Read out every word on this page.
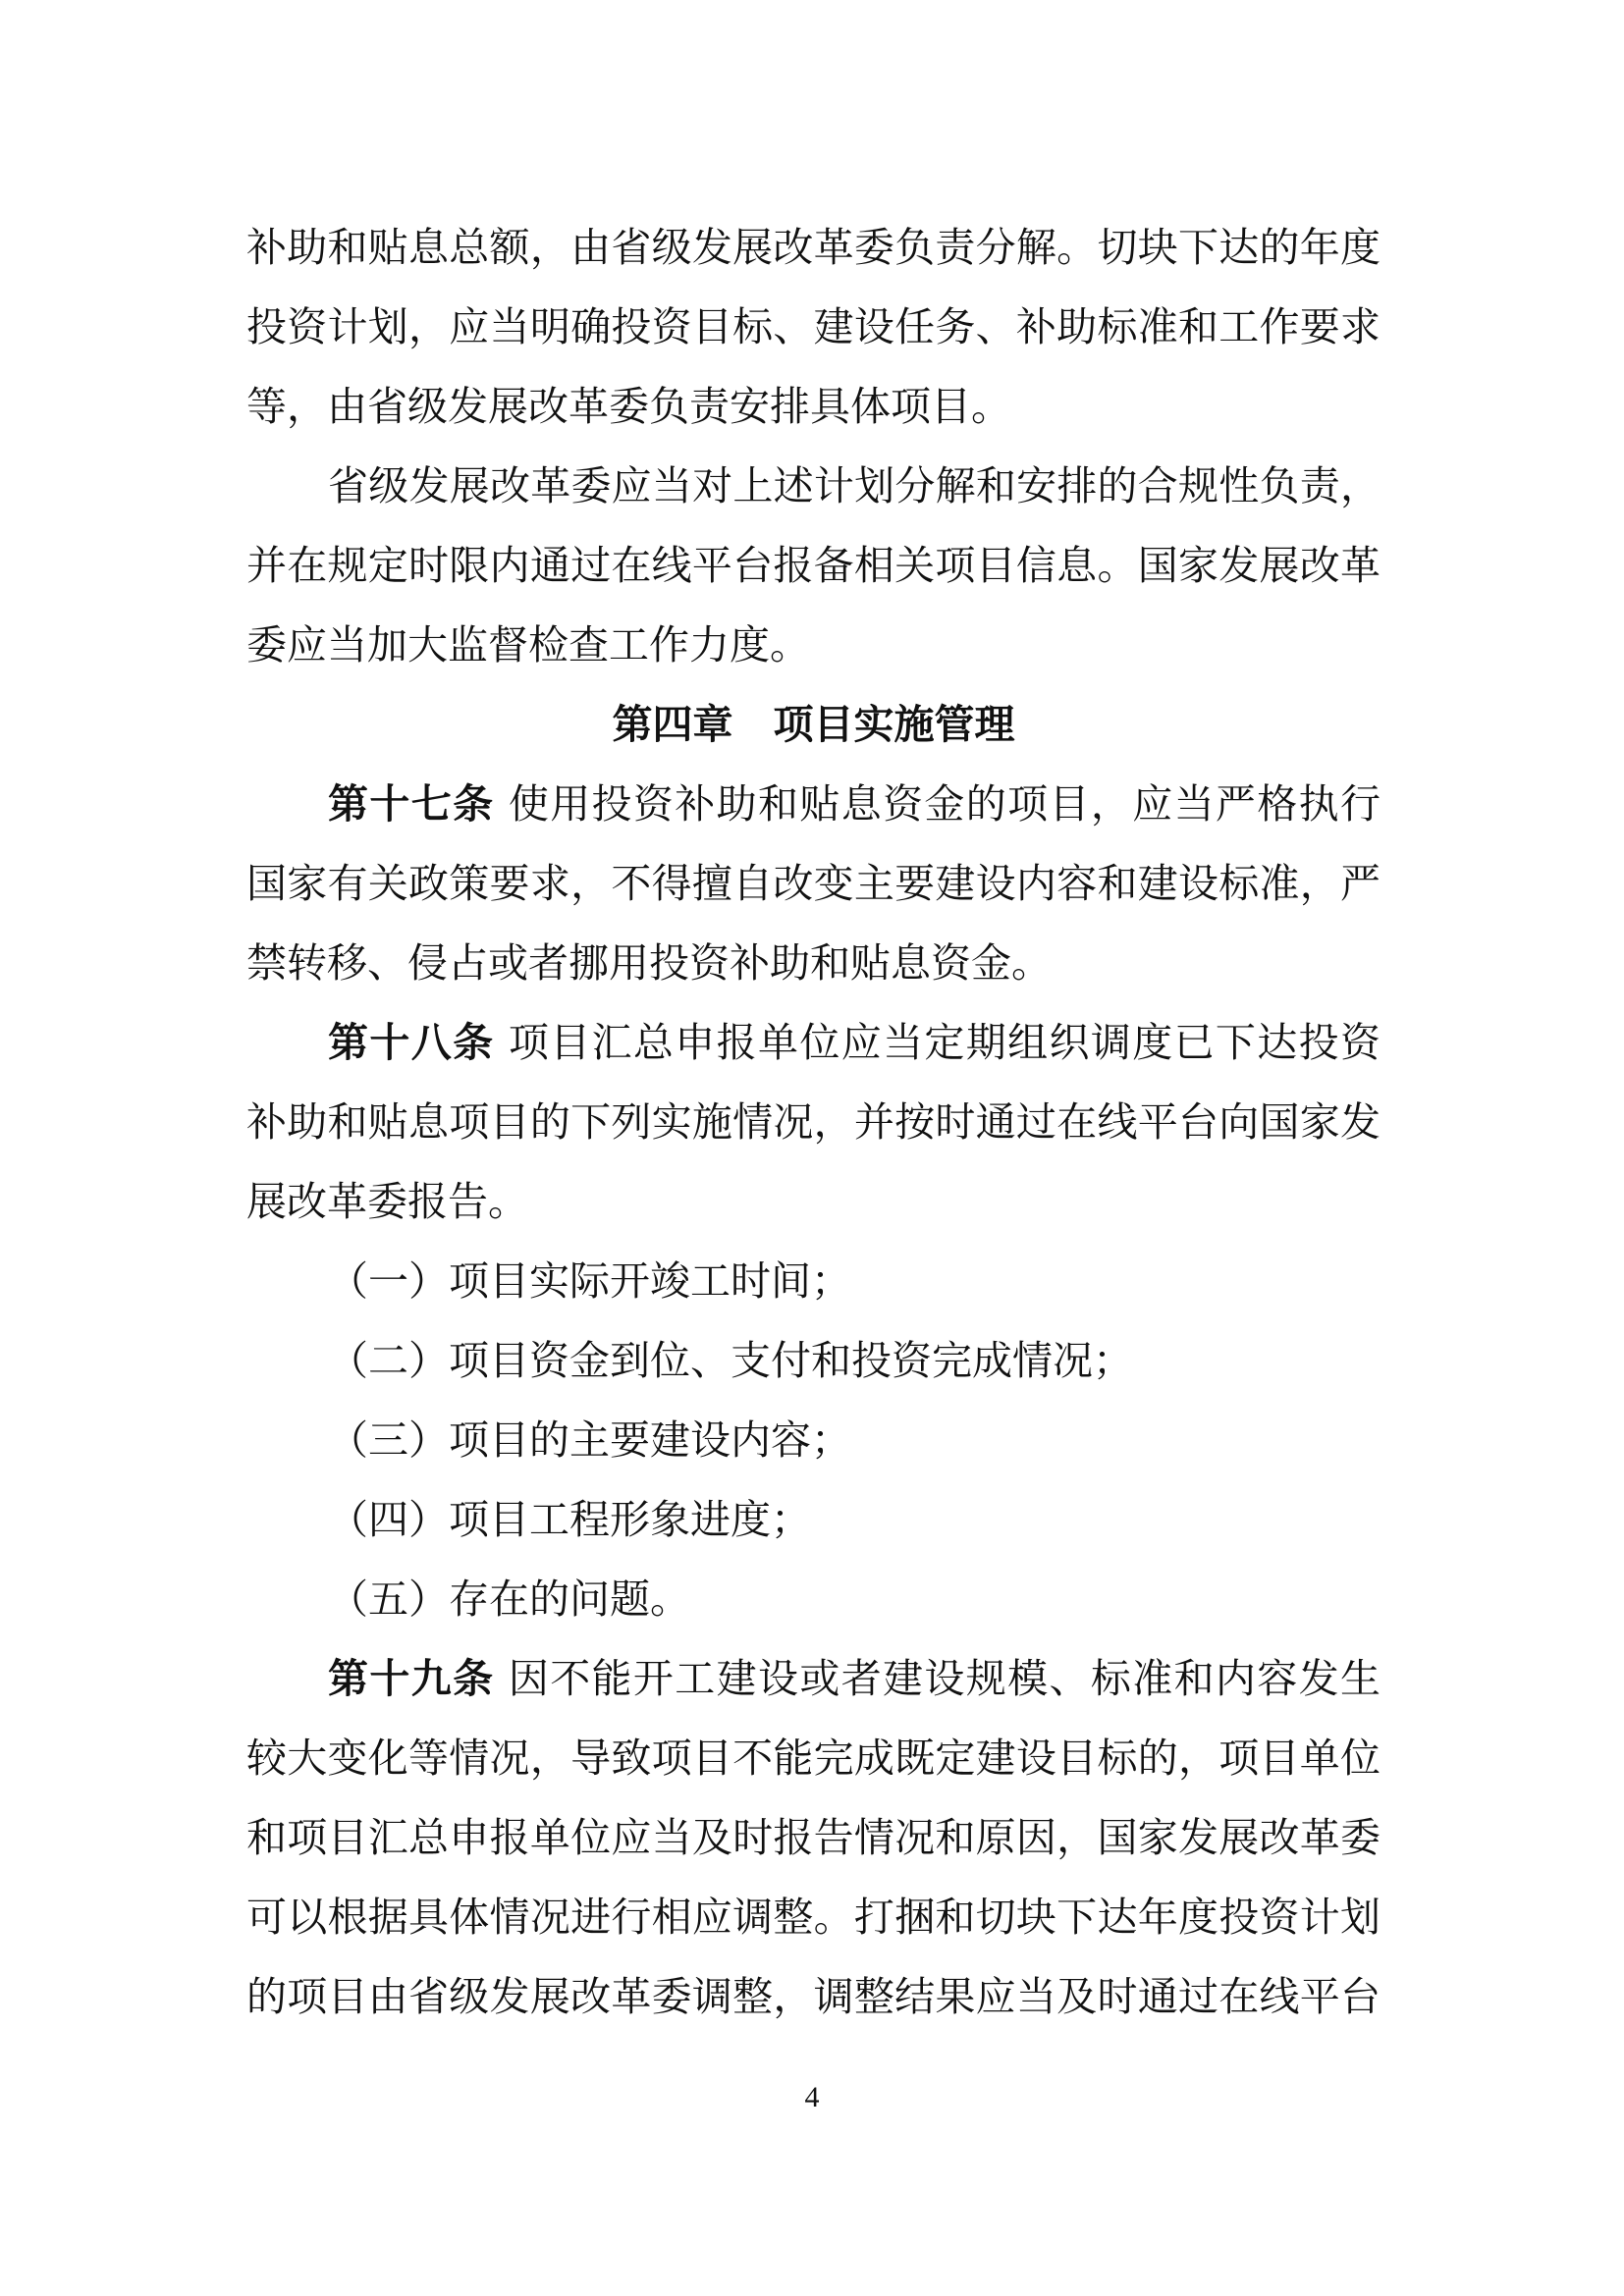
补助和贴息总额，由省级发展改革委负责分解。切块下达的年度
投资计划，应当明确投资目标、建设任务、补助标准和工作要求
等，由省级发展改革委负责安排具体项目。
省级发展改革委应当对上述计划分解和安排的合规性负责，
并在规定时限内通过在线平台报备相关项目信息。国家发展改革
委应当加大监督检查工作力度。
第四章　项目实施管理
第十七条 使用投资补助和贴息资金的项目，应当严格执行
国家有关政策要求，不得擅自改变主要建设内容和建设标准，严
禁转移、侵占或者挪用投资补助和贴息资金。
第十八条 项目汇总申报单位应当定期组织调度已下达投资
补助和贴息项目的下列实施情况，并按时通过在线平台向国家发
展改革委报告。
（一）项目实际开竣工时间；
（二）项目资金到位、支付和投资完成情况；
（三）项目的主要建设内容；
（四）项目工程形象进度；
（五）存在的问题。
第十九条 因不能开工建设或者建设规模、标准和内容发生
较大变化等情况，导致项目不能完成既定建设目标的，项目单位
和项目汇总申报单位应当及时报告情况和原因，国家发展改革委
可以根据具体情况进行相应调整。打捆和切块下达年度投资计划
的项目由省级发展改革委调整，调整结果应当及时通过在线平台
4
